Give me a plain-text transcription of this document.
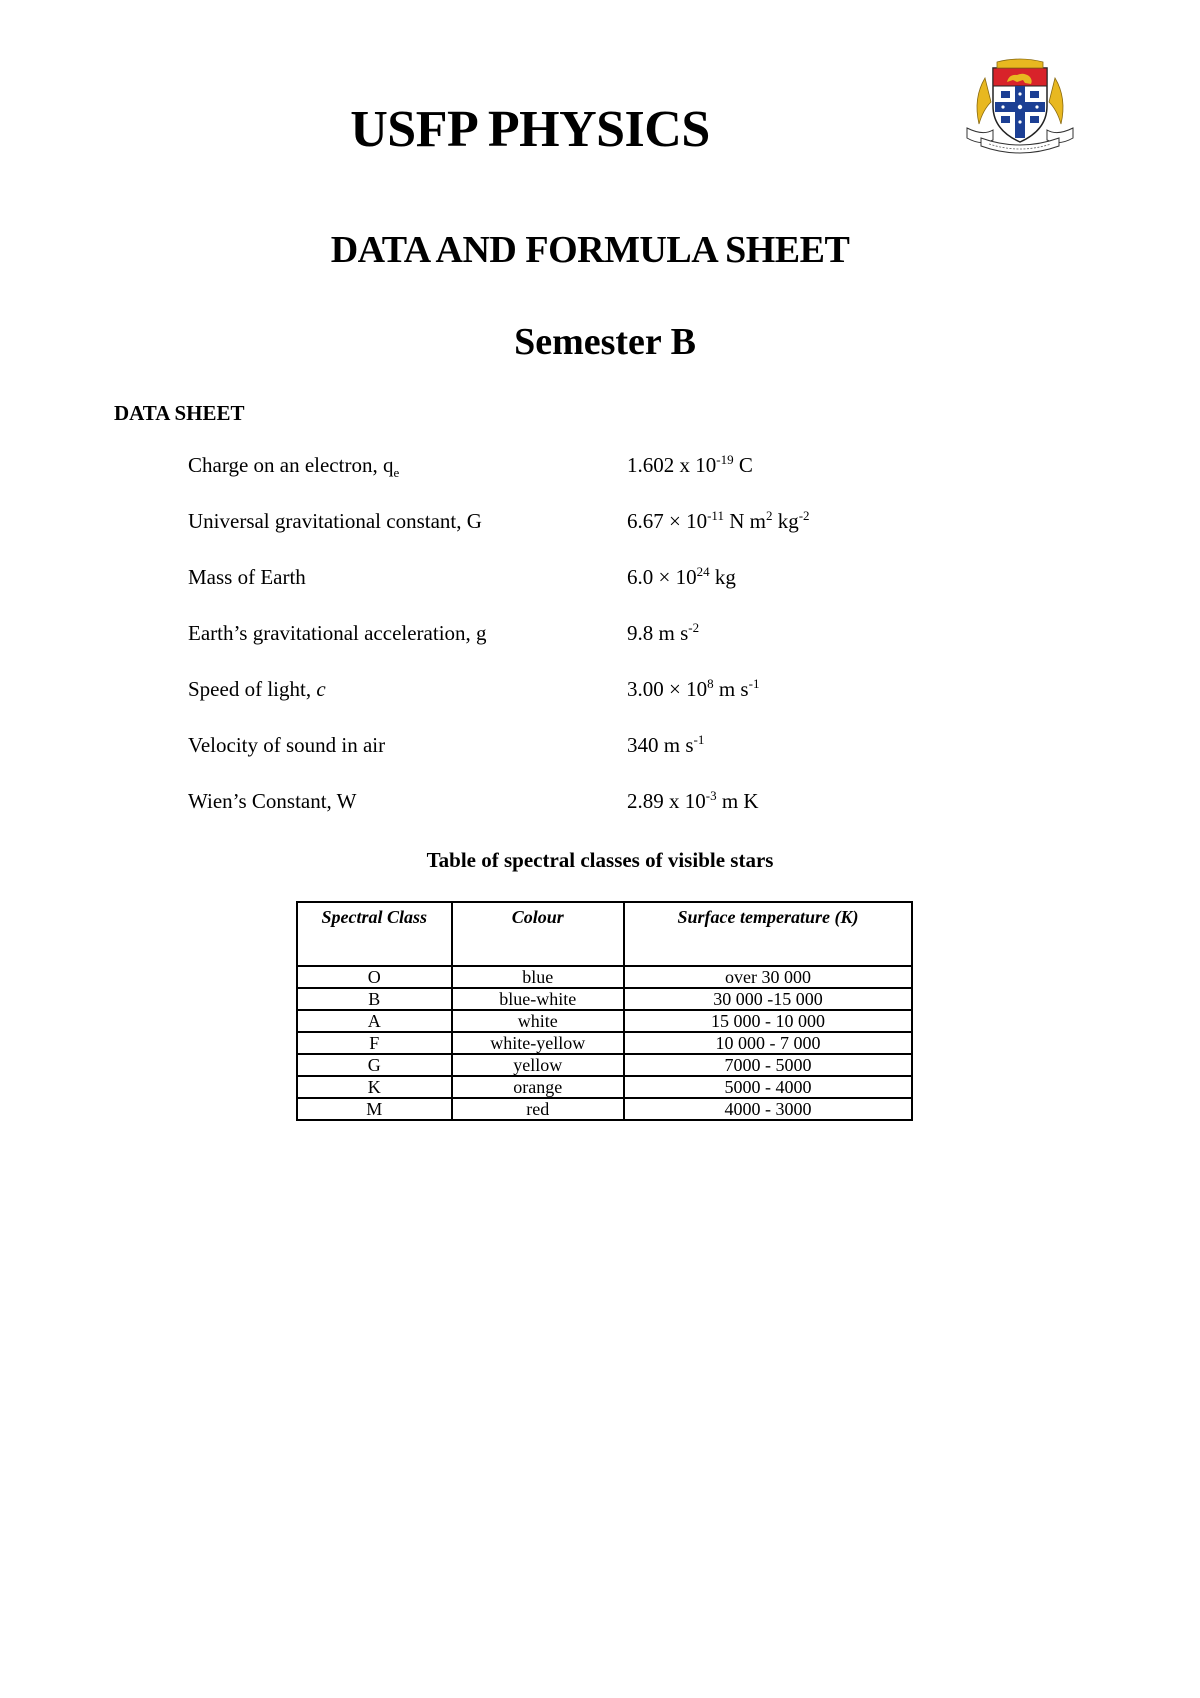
USFP PHYSICS
DATA AND FORMULA SHEET
Semester B
DATA SHEET
Charge on an electron, $q_e$	1.602 x $10^{-19}$ C
Universal gravitational constant, G	$6.67 \times 10^{-11}$ N $m^2$ $kg^{-2}$
Mass of Earth	$6.0 \times 10^{24}$ kg
Earth’s gravitational acceleration, g	9.8 m $s^{-2}$
Speed of light, c	$3.00 \times 10^8$ m $s^{-1}$
Velocity of sound in air	340 m $s^{-1}$
Wien’s Constant, W	2.89 x $10^{-3}$ m K
Table of spectral classes of visible stars
Spectral Class	Colour	Surface temperature (K)
O	blue	over 30 000
B	blue-white	30 000 -15 000
A	white	15 000 - 10 000
F	white-yellow	10 000 - 7 000
G	yellow	7000 - 5000
K	orange	5000 - 4000
M	red	4000 - 3000
